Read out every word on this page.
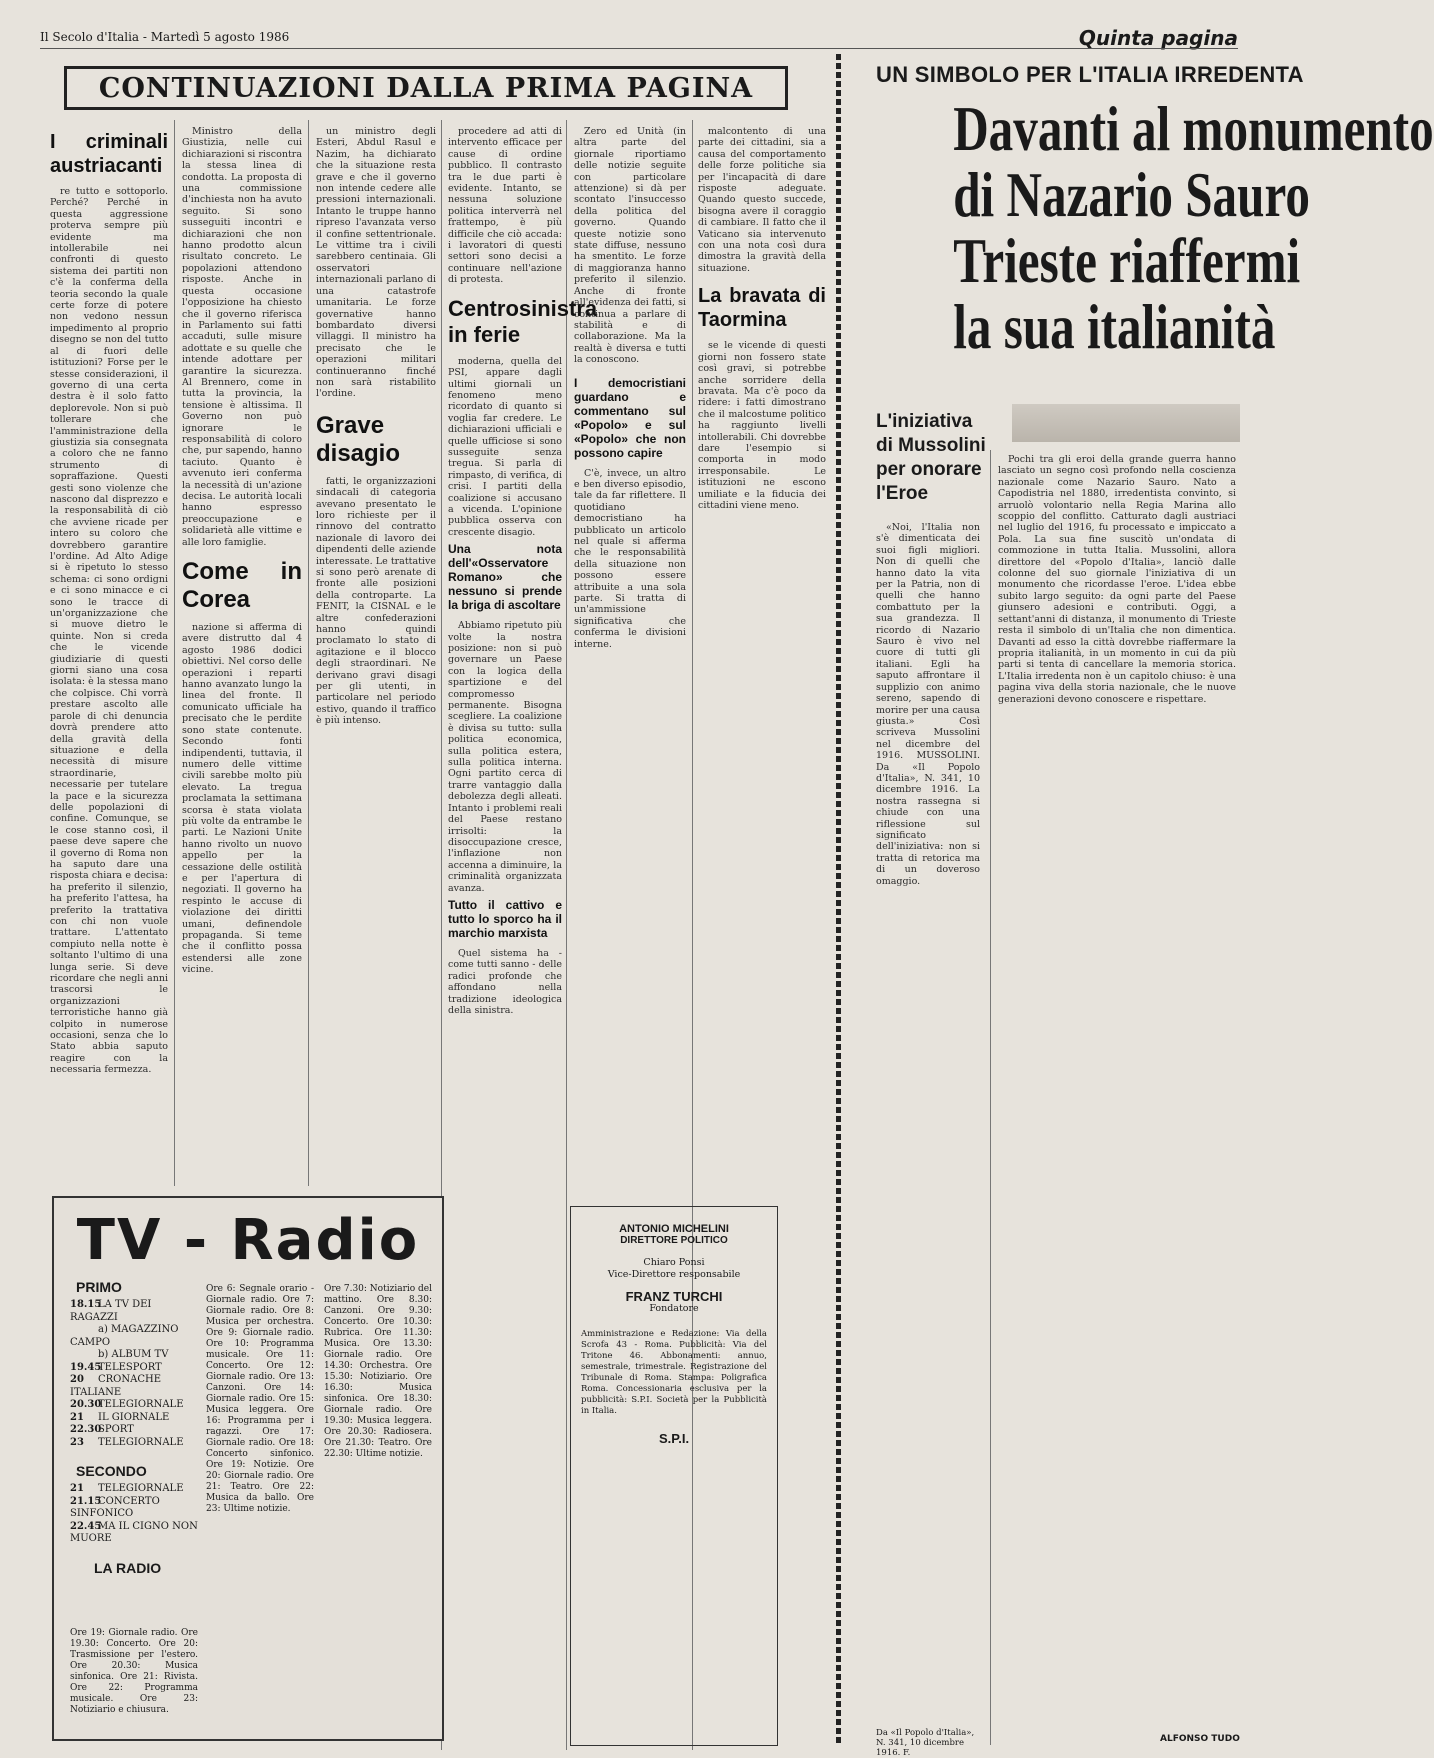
Il Secolo d'Italia - Martedì 5 agosto 1986	Quinta pagina
CONTINUAZIONI DALLA PRIMA PAGINA
I criminali austriacanti

re tutto e sottoporlo. Perché? Perché in questa aggressione proterva sempre più evidente ma intollerabile nei confronti di questo sistema dei partiti non c'è la conferma della teoria secondo la quale certe forze di potere non vedono nessun impedimento al proprio disegno se non del tutto al di fuori delle istituzioni? Forse per le stesse considerazioni, il governo di una certa destra è il solo fatto deplorevole. Non si può tollerare che l'amministrazione della giustizia sia consegnata a coloro che ne fanno strumento di sopraffazione. Questi gesti sono violenze che nascono dal disprezzo e la responsabilità di ciò che avviene ricade per intero su coloro che dovrebbero garantire l'ordine. Ad Alto Adige si è ripetuto lo stesso schema: ci sono ordigni e ci sono minacce e ci sono le tracce di un'organizzazione che si muove dietro le quinte. Non si creda che le vicende giudiziarie di questi giorni siano una cosa isolata: è la stessa mano che colpisce. Chi vorrà prestare ascolto alle parole di chi denuncia dovrà prendere atto della gravità della situazione e della necessità di misure straordinarie, necessarie per tutelare la pace e la sicurezza delle popolazioni di confine. Comunque, se le cose stanno così, il paese deve sapere che il governo di Roma non ha saputo dare una risposta chiara e decisa: ha preferito il silenzio, ha preferito l'attesa, ha preferito la trattativa con chi non vuole trattare. L'attentato compiuto nella notte è soltanto l'ultimo di una lunga serie. Si deve ricordare che negli anni trascorsi le organizzazioni terroristiche hanno già colpito in numerose occasioni, senza che lo Stato abbia saputo reagire con la necessaria fermezza.

Ministro della Giustizia, nelle cui dichiarazioni si riscontra la stessa linea di condotta. La proposta di una commissione d'inchiesta non ha avuto seguito. Si sono susseguiti incontri e dichiarazioni che non hanno prodotto alcun risultato concreto. Le popolazioni attendono risposte. Anche in questa occasione l'opposizione ha chiesto che il governo riferisca in Parlamento sui fatti accaduti, sulle misure adottate e su quelle che intende adottare per garantire la sicurezza. Al Brennero, come in tutta la provincia, la tensione è altissima. Il Governo non può ignorare le responsabilità di coloro che, pur sapendo, hanno taciuto. Quanto è avvenuto ieri conferma la necessità di un'azione decisa. Le autorità locali hanno espresso preoccupazione e solidarietà alle vittime e alle loro famiglie.

Come in Corea

nazione si afferma di avere distrutto dal 4 agosto 1986 dodici obiettivi. Nel corso delle operazioni i reparti hanno avanzato lungo la linea del fronte. Il comunicato ufficiale ha precisato che le perdite sono state contenute. Secondo fonti indipendenti, tuttavia, il numero delle vittime civili sarebbe molto più elevato. La tregua proclamata la settimana scorsa è stata violata più volte da entrambe le parti. Le Nazioni Unite hanno rivolto un nuovo appello per la cessazione delle ostilità e per l'apertura di negoziati. Il governo ha respinto le accuse di violazione dei diritti umani, definendole propaganda. Si teme che il conflitto possa estendersi alle zone vicine.

un ministro degli Esteri, Abdul Rasul e Nazim, ha dichiarato che la situazione resta grave e che il governo non intende cedere alle pressioni internazionali. Intanto le truppe hanno ripreso l'avanzata verso il confine settentrionale. Le vittime tra i civili sarebbero centinaia. Gli osservatori internazionali parlano di una catastrofe umanitaria. Le forze governative hanno bombardato diversi villaggi. Il ministro ha precisato che le operazioni militari continueranno finché non sarà ristabilito l'ordine.

Grave disagio

fatti, le organizzazioni sindacali di categoria avevano presentato le loro richieste per il rinnovo del contratto nazionale di lavoro dei dipendenti delle aziende interessate. Le trattative si sono però arenate di fronte alle posizioni della controparte. La FENIT, la CISNAL e le altre confederazioni hanno quindi proclamato lo stato di agitazione e il blocco degli straordinari. Ne derivano gravi disagi per gli utenti, in particolare nel periodo estivo, quando il traffico è più intenso.

procedere ad atti di intervento efficace per cause di ordine pubblico. Il contrasto tra le due parti è evidente. Intanto, se nessuna soluzione politica interverrà nel frattempo, è più difficile che ciò accada: i lavoratori di questi settori sono decisi a continuare nell'azione di protesta.

Centrosinistra in ferie

moderna, quella del PSI, appare dagli ultimi giornali un fenomeno meno ricordato di quanto si voglia far credere. Le dichiarazioni ufficiali e quelle ufficiose si sono susseguite senza tregua. Si parla di rimpasto, di verifica, di crisi. I partiti della coalizione si accusano a vicenda. L'opinione pubblica osserva con crescente disagio.

Una nota dell'«Osservatore Romano» che nessuno si prende la briga di ascoltare

Abbiamo ripetuto più volte la nostra posizione: non si può governare un Paese con la logica della spartizione e del compromesso permanente. Bisogna scegliere. La coalizione è divisa su tutto: sulla politica economica, sulla politica estera, sulla politica interna. Ogni partito cerca di trarre vantaggio dalla debolezza degli alleati. Intanto i problemi reali del Paese restano irrisolti: la disoccupazione cresce, l'inflazione non accenna a diminuire, la criminalità organizzata avanza.

Tutto il cattivo e tutto lo sporco ha il marchio marxista

Quel sistema ha - come tutti sanno - delle radici profonde che affondano nella tradizione ideologica della sinistra.

Zero ed Unità (in altra parte del giornale riportiamo delle notizie seguite con particolare attenzione) si dà per scontato l'insuccesso della politica del governo. Quando queste notizie sono state diffuse, nessuno ha smentito. Le forze di maggioranza hanno preferito il silenzio. Anche di fronte all'evidenza dei fatti, si continua a parlare di stabilità e di collaborazione. Ma la realtà è diversa e tutti la conoscono.

I democristiani guardano e commentano sul «Popolo» e sul «Popolo» che non possono capire

C'è, invece, un altro e ben diverso episodio, tale da far riflettere. Il quotidiano democristiano ha pubblicato un articolo nel quale si afferma che le responsabilità della situazione non possono essere attribuite a una sola parte. Si tratta di un'ammissione significativa che conferma le divisioni interne.

malcontento di una parte dei cittadini, sia a causa del comportamento delle forze politiche sia per l'incapacità di dare risposte adeguate. Quando questo succede, bisogna avere il coraggio di cambiare. Il fatto che il Vaticano sia intervenuto con una nota così dura dimostra la gravità della situazione.

La bravata di Taormina

se le vicende di questi giorni non fossero state così gravi, si potrebbe anche sorridere della bravata. Ma c'è poco da ridere: i fatti dimostrano che il malcostume politico ha raggiunto livelli intollerabili. Chi dovrebbe dare l'esempio si comporta in modo irresponsabile. Le istituzioni ne escono umiliate e la fiducia dei cittadini viene meno.

TV - Radio
PRIMO
18.15LA TV DEI RAGAZZI
a) MAGAZZINO CAMPO
b) ALBUM TV
19.45TELESPORT
20 CRONACHE ITALIANE
20.30TELEGIORNALE
21 IL GIORNALE
22.30SPORT
23 TELEGIORNALE
SECONDO
21 TELEGIORNALE
21.15CONCERTO SINFONICO
22.45MA IL CIGNO NON MUORE
LA RADIO
Ore 6: Segnale orario - Giornale radio. Ore 7: Giornale radio. Ore 8: Musica per orchestra. Ore 9: Giornale radio. Ore 10: Programma musicale. Ore 11: Concerto. Ore 12: Giornale radio. Ore 13: Canzoni. Ore 14: Giornale radio. Ore 15: Musica leggera. Ore 16: Programma per i ragazzi. Ore 17: Giornale radio. Ore 18: Concerto sinfonico. Ore 19: Notizie. Ore 20: Giornale radio. Ore 21: Teatro. Ore 22: Musica da ballo. Ore 23: Ultime notizie.
Ore 7.30: Notiziario del mattino. Ore 8.30: Canzoni. Ore 9.30: Concerto. Ore 10.30: Rubrica. Ore 11.30: Musica. Ore 13.30: Giornale radio. Ore 14.30: Orchestra. Ore 15.30: Notiziario. Ore 16.30: Musica sinfonica. Ore 18.30: Giornale radio. Ore 19.30: Musica leggera. Ore 20.30: Radiosera. Ore 21.30: Teatro. Ore 22.30: Ultime notizie.
Ore 19: Giornale radio. Ore 19.30: Concerto. Ore 20: Trasmissione per l'estero. Ore 20.30: Musica sinfonica. Ore 21: Rivista. Ore 22: Programma musicale. Ore 23: Notiziario e chiusura.
ANTONIO MICHELINI
DIRETTORE POLITICO
Chiaro Ponsi
Vice-Direttore responsabile
FRANZ TURCHI
Fondatore
Amministrazione e Redazione: Via della Scrofa 43 - Roma. Pubblicità: Via del Tritone 46. Abbonamenti: annuo, semestrale, trimestrale. Registrazione del Tribunale di Roma. Stampa: Poligrafica Roma. Concessionaria esclusiva per la pubblicità: S.P.I. Società per la Pubblicità in Italia.
S.P.I.
UN SIMBOLO PER L'ITALIA IRREDENTA
Davanti al monumento
di Nazario Sauro
Trieste riaffermi
la sua italianità
L'iniziativa
di Mussolini
per onorare
l'Eroe

«Noi, l'Italia non s'è dimenticata dei suoi figli migliori. Non di quelli che hanno dato la vita per la Patria, non di quelli che hanno combattuto per la sua grandezza. Il ricordo di Nazario Sauro è vivo nel cuore di tutti gli italiani. Egli ha saputo affrontare il supplizio con animo sereno, sapendo di morire per una causa giusta.» Così scriveva Mussolini nel dicembre del 1916. MUSSOLINI. Da «Il Popolo d'Italia», N. 341, 10 dicembre 1916. La nostra rassegna si chiude con una riflessione sul significato dell'iniziativa: non si tratta di retorica ma di un doveroso omaggio.

Pochi tra gli eroi della grande guerra hanno lasciato un segno così profondo nella coscienza nazionale come Nazario Sauro. Nato a Capodistria nel 1880, irredentista convinto, si arruolò volontario nella Regia Marina allo scoppio del conflitto. Catturato dagli austriaci nel luglio del 1916, fu processato e impiccato a Pola. La sua fine suscitò un'ondata di commozione in tutta Italia. Mussolini, allora direttore del «Popolo d'Italia», lanciò dalle colonne del suo giornale l'iniziativa di un monumento che ricordasse l'eroe. L'idea ebbe subito largo seguito: da ogni parte del Paese giunsero adesioni e contributi. Oggi, a settant'anni di distanza, il monumento di Trieste resta il simbolo di un'Italia che non dimentica. Davanti ad esso la città dovrebbe riaffermare la propria italianità, in un momento in cui da più parti si tenta di cancellare la memoria storica. L'Italia irredenta non è un capitolo chiuso: è una pagina viva della storia nazionale, che le nuove generazioni devono conoscere e rispettare.

Da «Il Popolo d'Italia», N. 341, 10 dicembre 1916. F.
ALFONSO TUDO
